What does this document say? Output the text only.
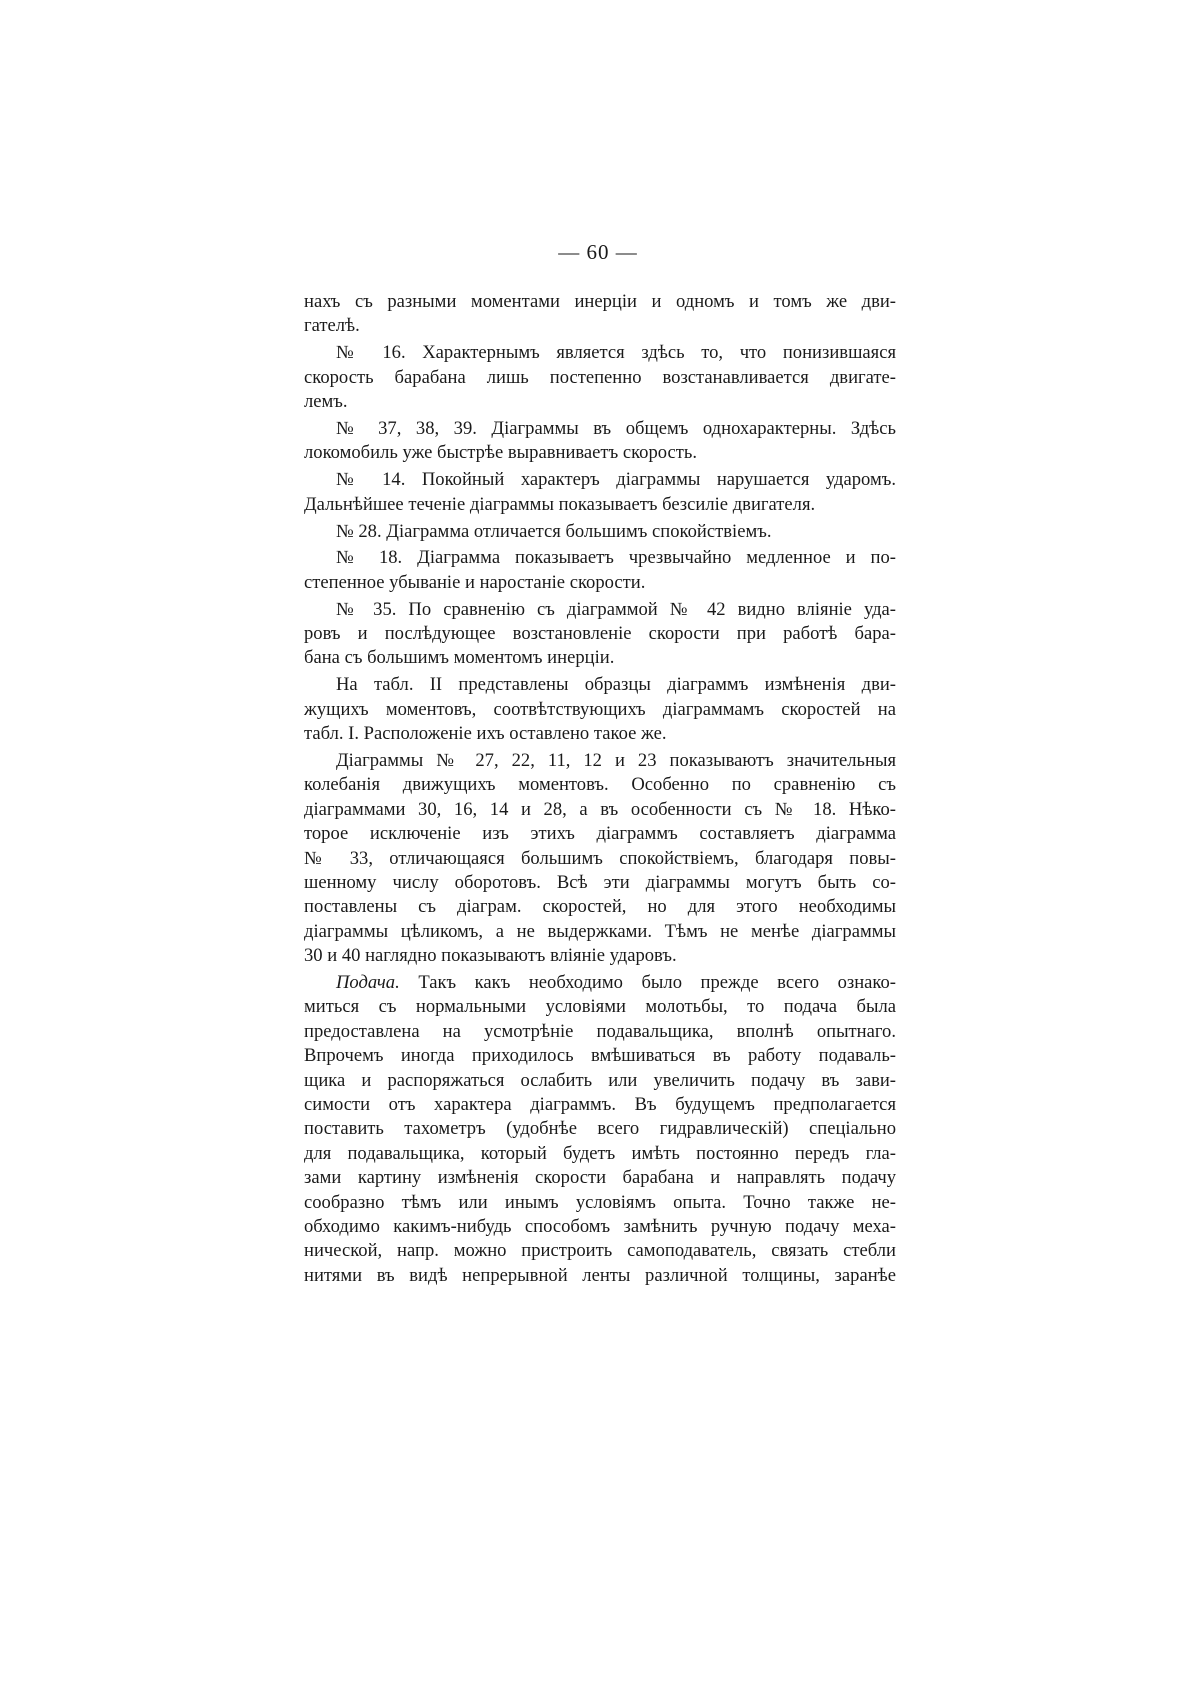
— 60 —
нахъ съ разными моментами инерціи и одномъ и томъ же дви-
гателѣ.
№ 16. Характернымъ является здѣсь то, что понизившаяся
скорость барабана лишь постепенно возстанавливается двигате-
лемъ.
№ 37, 38, 39. Діаграммы въ общемъ однохарактерны. Здѣсь
локомобиль уже быстрѣе выравниваетъ скорость.
№ 14. Покойный характеръ діаграммы нарушается ударомъ.
Дальнѣйшее теченіе діаграммы показываетъ безсиліе двигателя.
№ 28. Діаграмма отличается большимъ спокойствіемъ.
№ 18. Діаграмма показываетъ чрезвычайно медленное и по-
степенное убываніе и наростаніе скорости.
№ 35. По сравненію съ діаграммой № 42 видно вліяніе уда-
ровъ и послѣдующее возстановленіе скорости при работѣ бара-
бана съ большимъ моментомъ инерціи.
На табл. II представлены образцы діаграммъ измѣненія дви-
жущихъ моментовъ, соотвѣтствующихъ діаграммамъ скоростей на
табл. I. Расположеніе ихъ оставлено такое же.
Діаграммы № 27, 22, 11, 12 и 23 показываютъ значительныя
колебанія движущихъ моментовъ. Особенно по сравненію съ
діаграммами 30, 16, 14 и 28, а въ особенности съ № 18. Нѣко-
торое исключеніе изъ этихъ діаграммъ составляетъ діаграмма
№ 33, отличающаяся большимъ спокойствіемъ, благодаря повы-
шенному числу оборотовъ. Всѣ эти діаграммы могутъ быть со-
поставлены съ діаграм. скоростей, но для этого необходимы
діаграммы цѣликомъ, а не выдержками. Тѣмъ не менѣе діаграммы
30 и 40 наглядно показываютъ вліяніе ударовъ.
Подача. Такъ какъ необходимо было прежде всего ознако-
миться съ нормальными условіями молотьбы, то подача была
предоставлена на усмотрѣніе подавальщика, вполнѣ опытнаго.
Впрочемъ иногда приходилось вмѣшиваться въ работу подаваль-
щика и распоряжаться ослабить или увеличить подачу въ зави-
симости отъ характера діаграммъ. Въ будущемъ предполагается
поставить тахометръ (удобнѣе всего гидравлическій) спеціально
для подавальщика, который будетъ имѣть постоянно передъ гла-
зами картину измѣненія скорости барабана и направлять подачу
сообразно тѣмъ или инымъ условіямъ опыта. Точно также не-
обходимо какимъ-нибудь способомъ замѣнить ручную подачу меха-
нической, напр. можно пристроить самоподаватель, связать стебли
нитями въ видѣ непрерывной ленты различной толщины, заранѣе
